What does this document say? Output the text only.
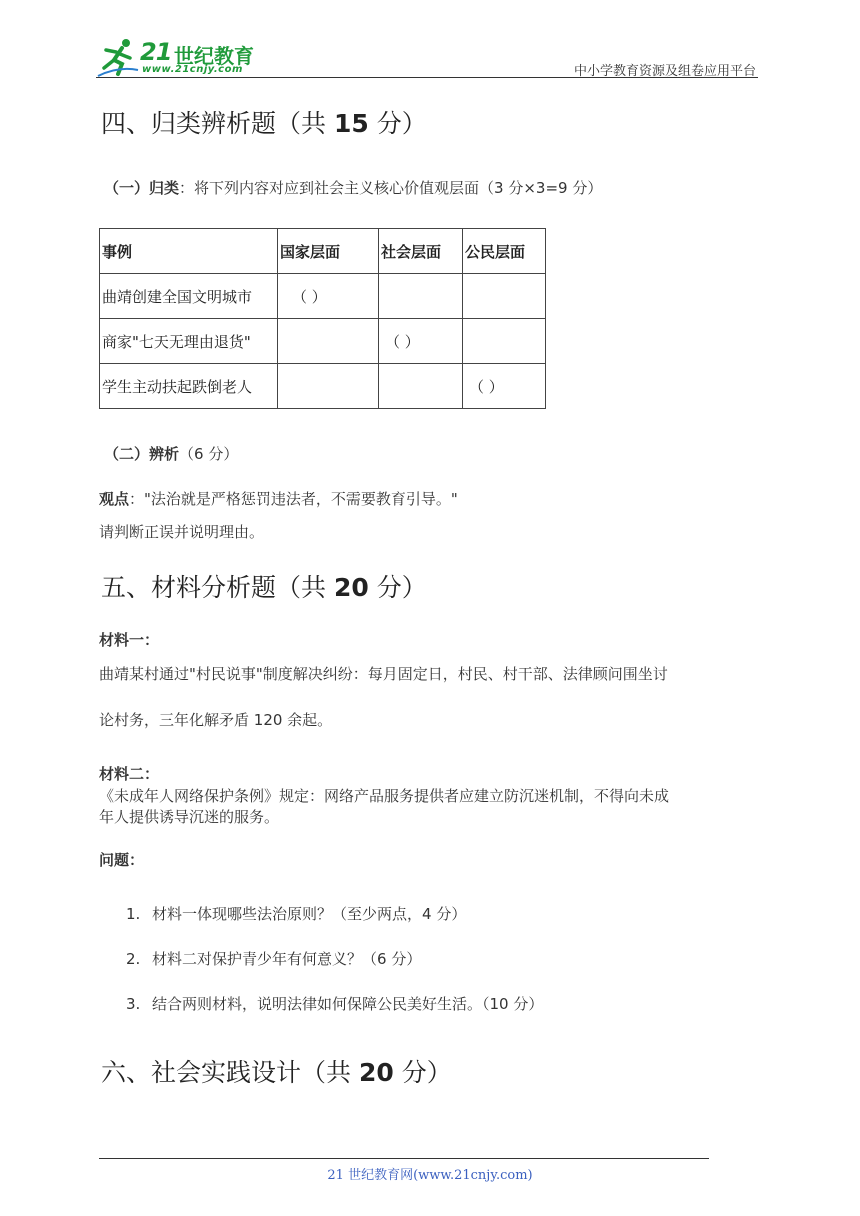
21 世纪教育
www.21cnjy.com	中小学教育资源及组卷应用平台
四、归类辨析题（共 15 分）
（一）归类：将下列内容对应到社会主义核心价值观层面（3 分×3=9 分）
事例	国家层面	社会层面	公民层面
曲靖创建全国文明城市	（ ）		
商家"七天无理由退货"		（ ）	
学生主动扶起跌倒老人			（ ）
（二）辨析（6 分）
观点："法治就是严格惩罚违法者，不需要教育引导。"
请判断正误并说明理由。
五、材料分析题（共 20 分）
材料一：
曲靖某村通过"村民说事"制度解决纠纷：每月固定日，村民、村干部、法律顾问围坐讨
论村务，三年化解矛盾 120 余起。
材料二：
《未成年人网络保护条例》规定：网络产品服务提供者应建立防沉迷机制，不得向未成
年人提供诱导沉迷的服务。
问题：
1. 材料一体现哪些法治原则？（至少两点，4 分）
2. 材料二对保护青少年有何意义？（6 分）
3. 结合两则材料，说明法律如何保障公民美好生活。（10 分）
六、社会实践设计（共 20 分）
21 世纪教育网(www.21cnjy.com)
